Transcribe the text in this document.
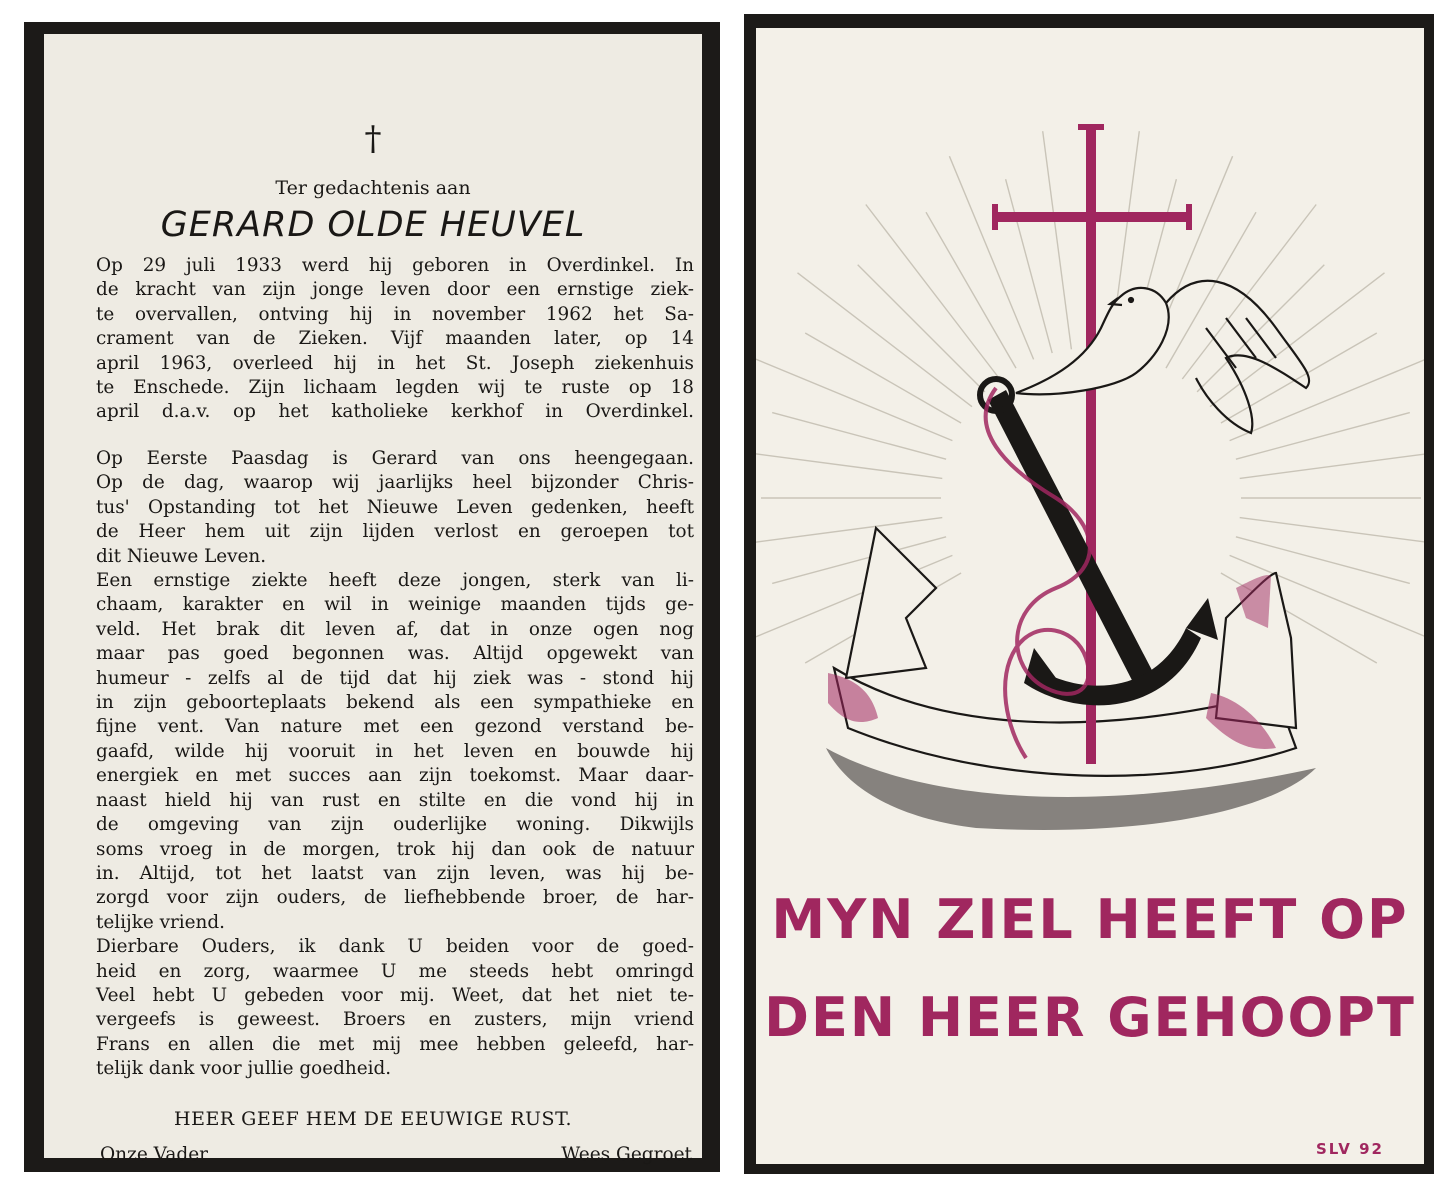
†
Ter gedachtenis aan
GERARD OLDE HEUVEL
Op 29 juli 1933 werd hij geboren in Overdinkel. In
de kracht van zijn jonge leven door een ernstige ziek-
te overvallen, ontving hij in november 1962 het Sa-
crament van de Zieken. Vijf maanden later, op 14
april 1963, overleed hij in het St. Joseph ziekenhuis
te Enschede. Zijn lichaam legden wij te ruste op 18
april d.a.v. op het katholieke kerkhof in Overdinkel.
Op Eerste Paasdag is Gerard van ons heengegaan.
Op de dag, waarop wij jaarlijks heel bijzonder Chris-
tus' Opstanding tot het Nieuwe Leven gedenken, heeft
de Heer hem uit zijn lijden verlost en geroepen tot
dit Nieuwe Leven.
Een ernstige ziekte heeft deze jongen, sterk van li-
chaam, karakter en wil in weinige maanden tijds ge-
veld. Het brak dit leven af, dat in onze ogen nog
maar pas goed begonnen was. Altijd opgewekt van
humeur - zelfs al de tijd dat hij ziek was - stond hij
in zijn geboorteplaats bekend als een sympathieke en
fijne vent. Van nature met een gezond verstand be-
gaafd, wilde hij vooruit in het leven en bouwde hij
energiek en met succes aan zijn toekomst. Maar daar-
naast hield hij van rust en stilte en die vond hij in
de omgeving van zijn ouderlijke woning. Dikwijls
soms vroeg in de morgen, trok hij dan ook de natuur
in. Altijd, tot het laatst van zijn leven, was hij be-
zorgd voor zijn ouders, de liefhebbende broer, de har-
telijke vriend.
Dierbare Ouders, ik dank U beiden voor de goed-
heid en zorg, waarmee U me steeds hebt omringd
Veel hebt U gebeden voor mij. Weet, dat het niet te-
vergeefs is geweest. Broers en zusters, mijn vriend
Frans en allen die met mij mee hebben geleefd, har-
telijk dank voor jullie goedheid.
HEER GEEF HEM DE EEUWIGE RUST.
Onze Vader	Wees Gegroet
MYN ZIEL HEEFT OP
DEN HEER GEHOOPT
SLV 92
